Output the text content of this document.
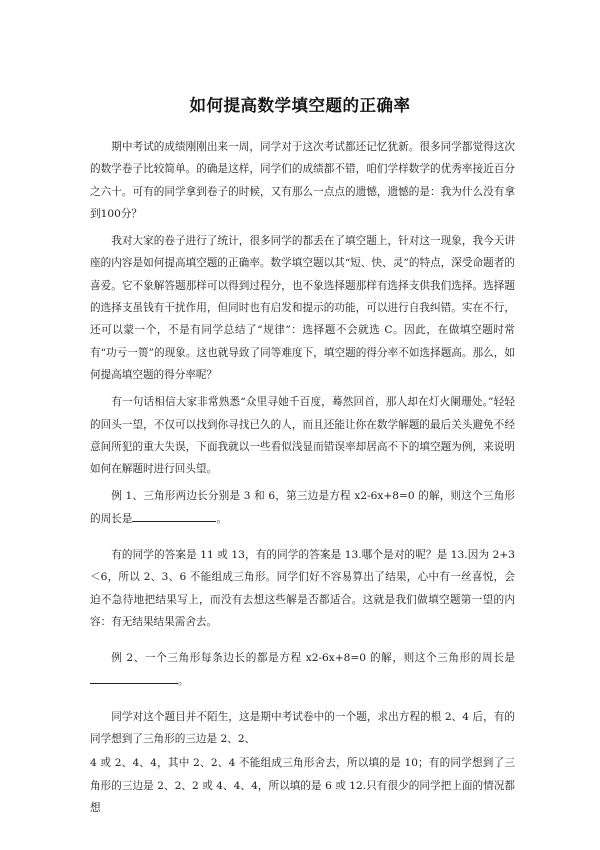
如何提高数学填空题的正确率

期中考试的成绩刚刚出来一周，同学对于这次考试都还记忆犹新。很多同学都觉得这次的数学卷子比较简单。的确是这样，同学们的成绩都不错，咱们学样数学的优秀率接近百分之六十。可有的同学拿到卷子的时候，又有那么一点点的遗憾，遗憾的是：我为什么没有拿到100分？

我对大家的卷子进行了统计，很多同学的都丢在了填空题上，针对这一现象，我今天讲座的内容是如何提高填空题的正确率。数学填空题以其“短、快、灵”的特点，深受命题者的喜爱。它不象解答题那样可以得到过程分，也不象选择题那样有选择支供我们选择。选择题的选择支虽钱有干扰作用，但同时也有启发和提示的功能，可以进行自我纠错。实在不行，还可以蒙一个，不是有同学总结了“规律”：选择题不会就选 C。因此，在做填空题时常有“功亏一篑”的现象。这也就导致了同等难度下，填空题的得分率不如选择题高。那么，如何提高填空题的得分率呢？

有一句话相信大家非常熟悉“众里寻她千百度，蓦然回首，那人却在灯火阑珊处。”轻轻的回头一望，不仅可以找到你寻找已久的人，而且还能让你在数学解题的最后关头避免不经意间所犯的重大失误，下面我就以一些看似浅显而错误率却居高不下的填空题为例，来说明如何在解题时进行回头望。

例 1、三角形两边长分别是 3 和 6，第三边是方程 x2-6x+8=0 的解，则这个三角形的周长是	。

有的同学的答案是 11 或 13，有的同学的答案是 13.哪个是对的呢？是 13.因为 2+3＜6，所以 2、3、6 不能组成三角形。同学们好不容易算出了结果，心中有一丝喜悦，会迫不急待地把结果写上，而没有去想这些解是否都适合。这就是我们做填空题第一望的内容：有无结果结果需舍去。

例 2、一个三角形每条边长的都是方程 x2-6x+8=0 的解，则这个三角形的周长是。

同学对这个题目并不陌生，这是期中考试卷中的一个题，求出方程的根 2、4 后，有的同学想到了三角形的三边是 2、2、

4 或 2、4、4，其中 2、2、4 不能组成三角形舍去，所以填的是 10；有的同学想到了三角形的三边是 2、2、2 或 4、4、4，所以填的是 6 或 12.只有很少的同学把上面的情况都想
